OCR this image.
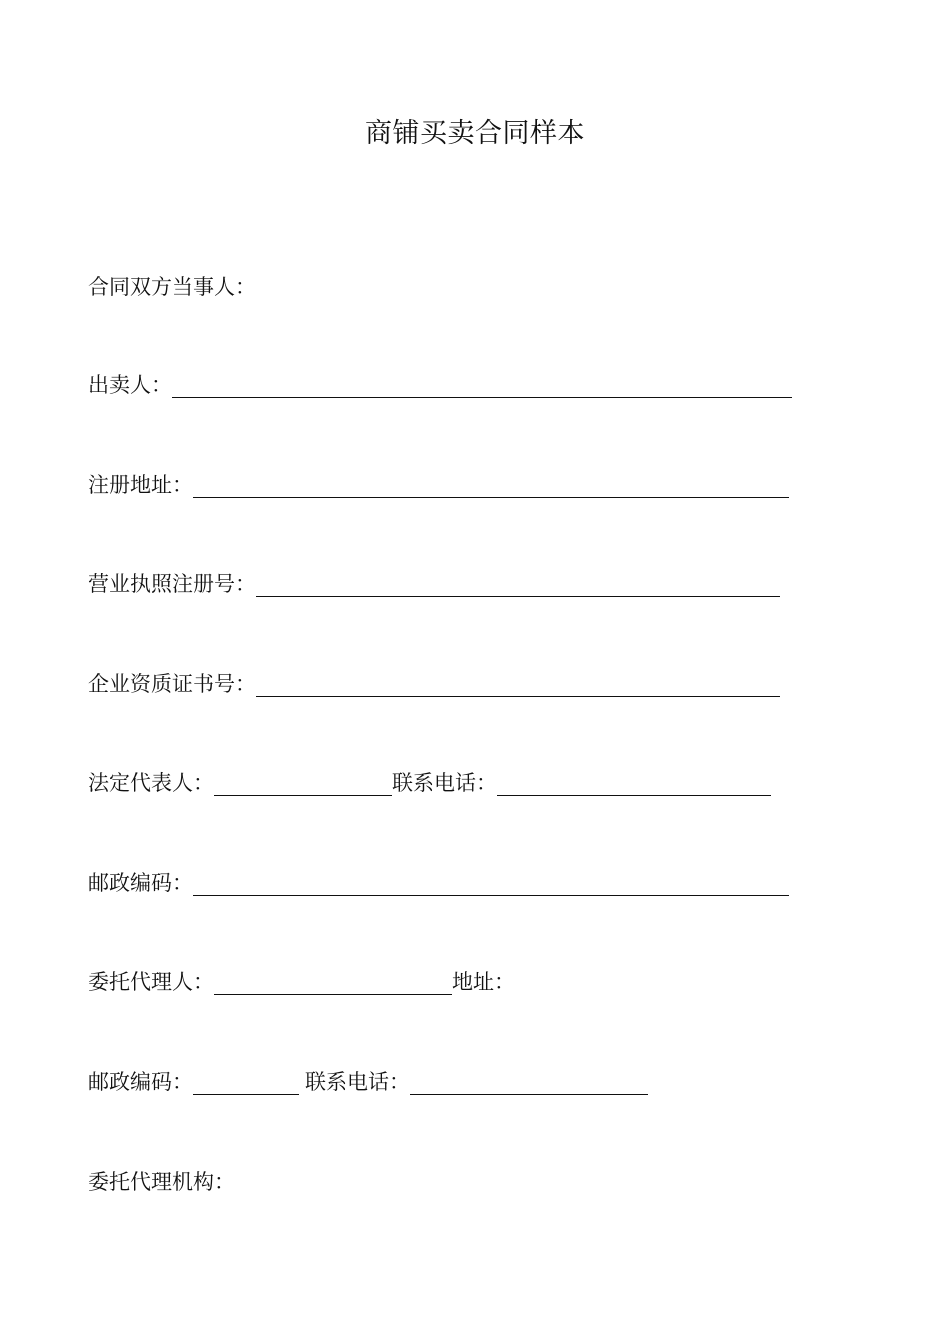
商铺买卖合同样本
合同双方当事人：
出卖人：
注册地址：
营业执照注册号：
企业资质证书号：
法定代表人：	联系电话：
邮政编码：
委托代理人：	地址：
邮政编码：	联系电话：
委托代理机构：
